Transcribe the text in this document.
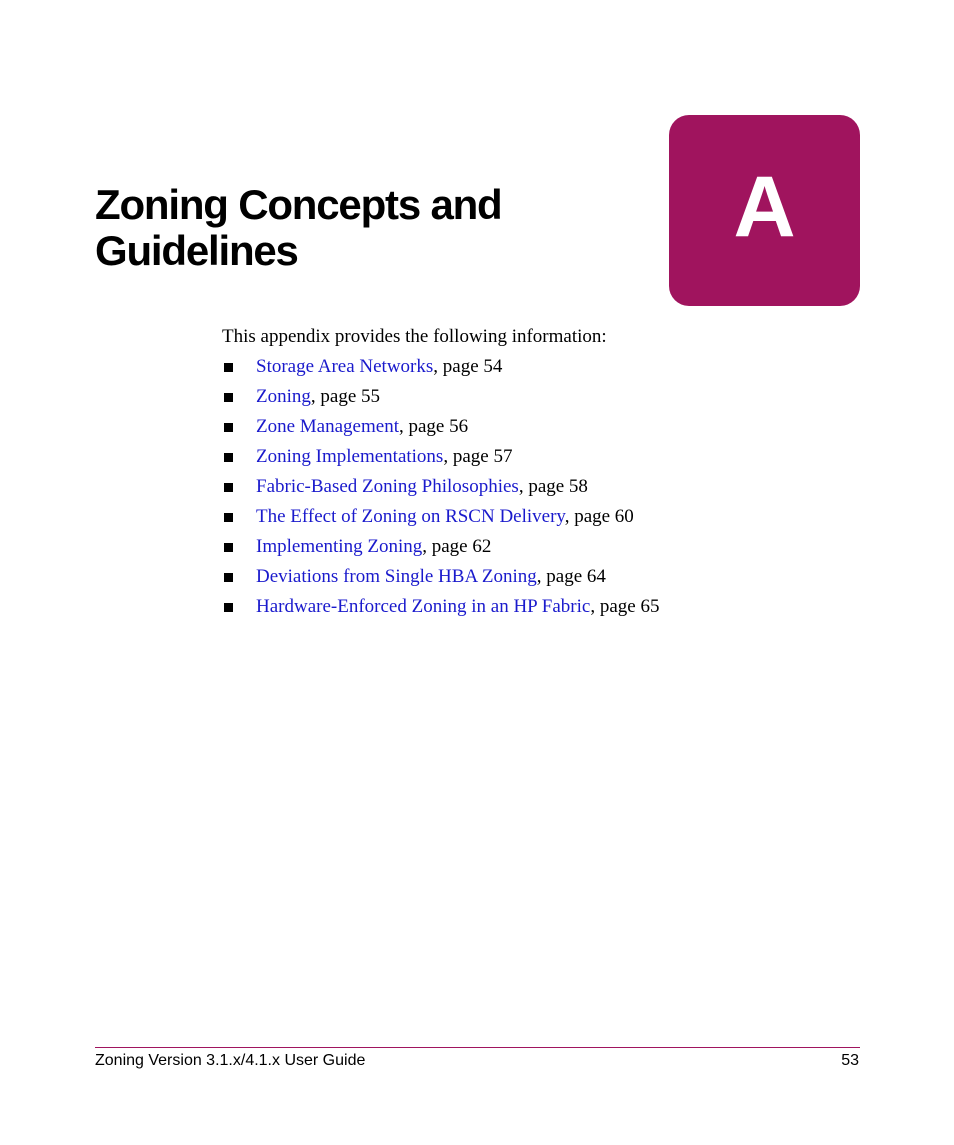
A
Zoning Concepts and
Guidelines

This appendix provides the following information:

Storage Area Networks, page 54
Zoning, page 55
Zone Management, page 56
Zoning Implementations, page 57
Fabric-Based Zoning Philosophies, page 58
The Effect of Zoning on RSCN Delivery, page 60
Implementing Zoning, page 62
Deviations from Single HBA Zoning, page 64
Hardware-Enforced Zoning in an HP Fabric, page 65
Zoning Version 3.1.x/4.1.x User Guide	53
